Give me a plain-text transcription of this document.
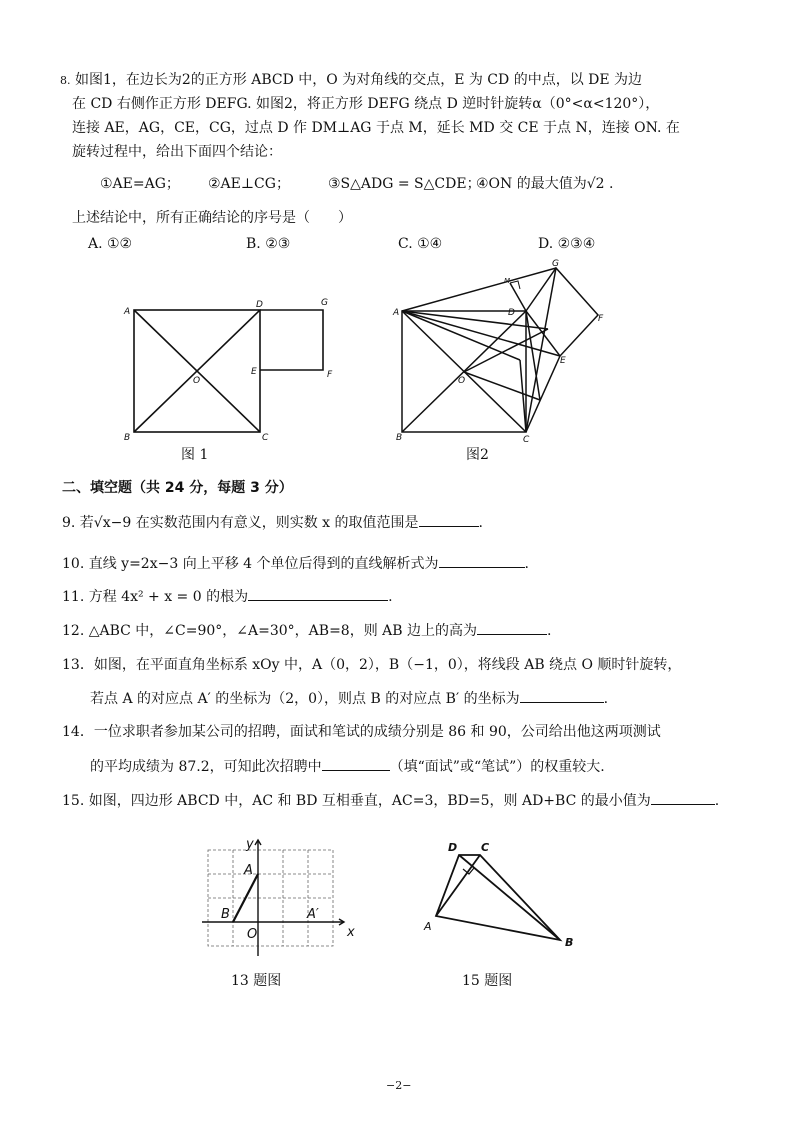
8. 如图1，在边长为2的正方形 ABCD 中，O 为对角线的交点，E 为 CD 的中点，以 DE 为边
在 CD 右侧作正方形 DEFG. 如图2，将正方形 DEFG 绕点 D 逆时针旋转α（0°<α<120°），
连接 AE，AG，CE，CG，过点 D 作 DM⊥AG 于点 M，延长 MD 交 CE 于点 N，连接 ON. 在
旋转过程中，给出下面四个结论：
①AE=AG； ②AE⊥CG；	③S△ADG = S△CDE；
④ON 的最大值为√2 .
上述结论中，所有正确结论的序号是（　　）
A. ①②	B. ②③	C. ①④	D. ②③④
A
B	C
D
O
E	F
G
图 1
A
B	C
D
O
E
F
G
M
图2
二、填空题（共 24 分，每题 3 分）
9. 若√x−9 在实数范围内有意义，则实数 x 的取值范围是	.
10. 直线 y=2x−3 向上平移 4 个单位后得到的直线解析式为	.
11. 方程 4x² + x = 0 的根为	.
12. △ABC 中，∠C=90°，∠A=30°，AB=8，则 AB 边上的高为	.
13．如图，在平面直角坐标系 xOy 中，A（0，2），B（−1，0），将线段 AB 绕点 O 顺时针旋转，
若点 A 的对应点 A′ 的坐标为（2，0），则点 B 的对应点 B′ 的坐标为	.
14．一位求职者参加某公司的招聘，面试和笔试的成绩分别是 86 和 90，公司给出他这两项测试
的平均成绩为 87.2，可知此次招聘中	（填“面试”或“笔试”）的权重较大.
15. 如图，四边形 ABCD 中，AC 和 BD 互相垂直，AC=3，BD=5，则 AD+BC 的最小值为	.
y
x
A
B
O
A′
13 题图
D C
A
B
15 题图
−2−
